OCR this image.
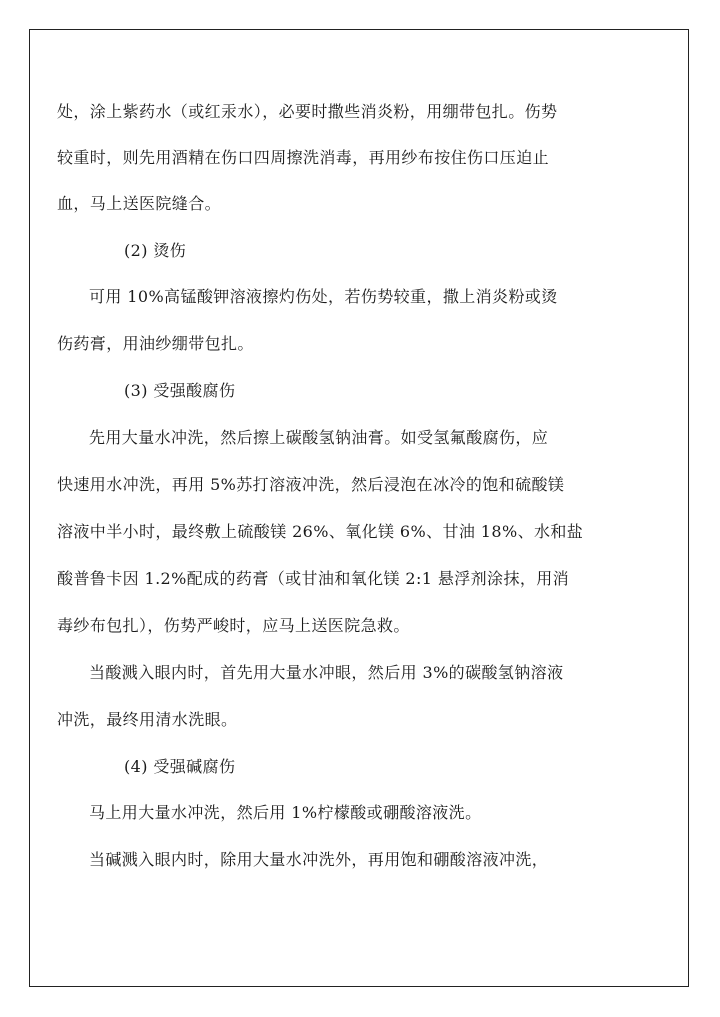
处，涂上紫药水（或红汞水），必要时撒些消炎粉，用绷带包扎。伤势
较重时，则先用酒精在伤口四周擦洗消毒，再用纱布按住伤口压迫止
血，马上送医院缝合。
(2) 烫伤
可用 10%高锰酸钾溶液擦灼伤处，若伤势较重，撒上消炎粉或烫
伤药膏，用油纱绷带包扎。
(3) 受强酸腐伤
先用大量水冲洗，然后擦上碳酸氢钠油膏。如受氢氟酸腐伤，应
快速用水冲洗，再用 5%苏打溶液冲洗，然后浸泡在冰冷的饱和硫酸镁
溶液中半小时，最终敷上硫酸镁 26%、氧化镁 6%、甘油 18%、水和盐
酸普鲁卡因 1.2%配成的药膏（或甘油和氧化镁 2:1 悬浮剂涂抹，用消
毒纱布包扎），伤势严峻时，应马上送医院急救。
当酸溅入眼内时，首先用大量水冲眼，然后用 3%的碳酸氢钠溶液
冲洗，最终用清水洗眼。
(4) 受强碱腐伤
马上用大量水冲洗，然后用 1%柠檬酸或硼酸溶液洗。
当碱溅入眼内时，除用大量水冲洗外，再用饱和硼酸溶液冲洗，
